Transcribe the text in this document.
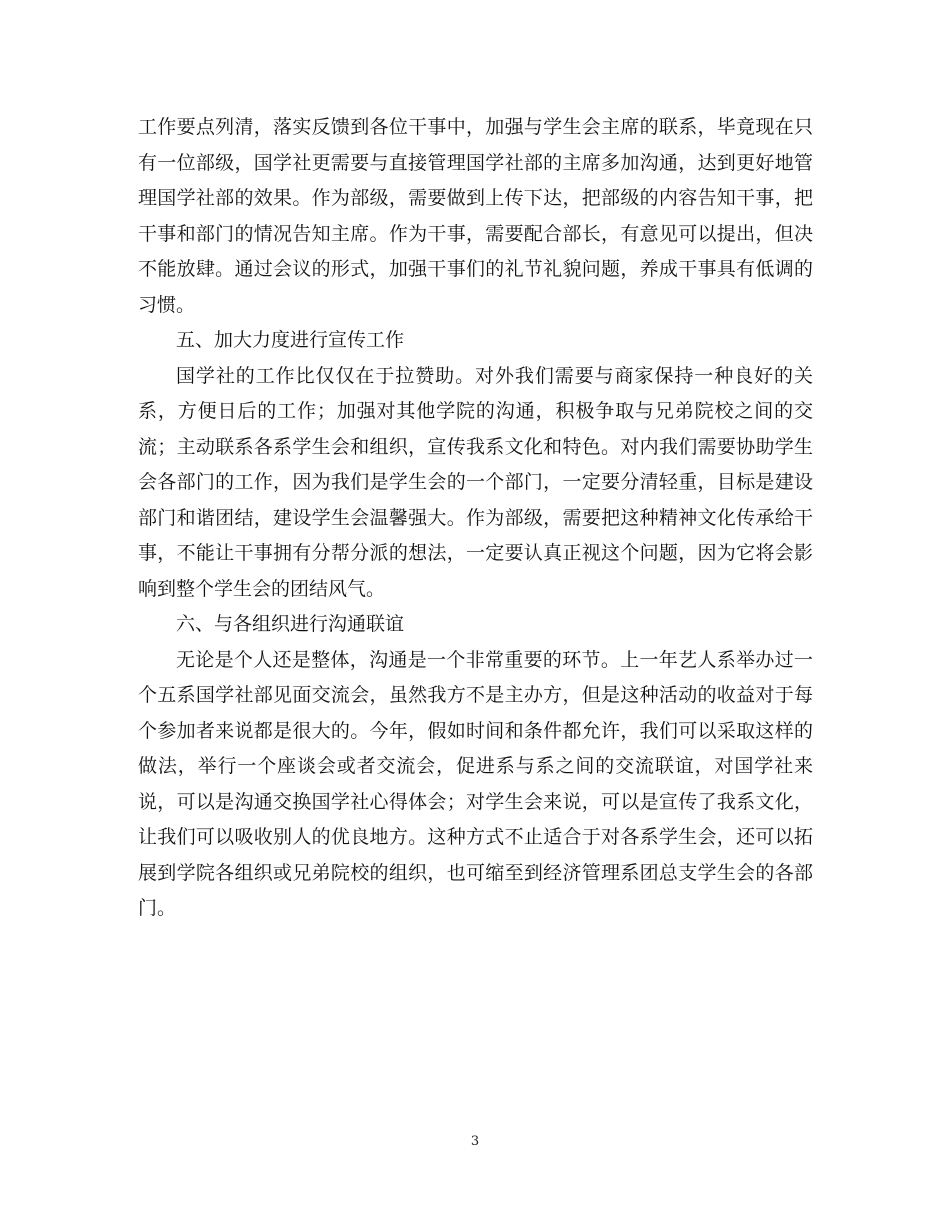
工作要点列清，落实反馈到各位干事中，加强与学生会主席的联系，毕竟现在只
有一位部级，国学社更需要与直接管理国学社部的主席多加沟通，达到更好地管
理国学社部的效果。作为部级，需要做到上传下达，把部级的内容告知干事，把
干事和部门的情况告知主席。作为干事，需要配合部长，有意见可以提出，但决
不能放肆。通过会议的形式，加强干事们的礼节礼貌问题，养成干事具有低调的
习惯。
五、加大力度进行宣传工作
国学社的工作比仅仅在于拉赞助。对外我们需要与商家保持一种良好的关
系，方便日后的工作；加强对其他学院的沟通，积极争取与兄弟院校之间的交
流；主动联系各系学生会和组织，宣传我系文化和特色。对内我们需要协助学生
会各部门的工作，因为我们是学生会的一个部门，一定要分清轻重，目标是建设
部门和谐团结，建设学生会温馨强大。作为部级，需要把这种精神文化传承给干
事，不能让干事拥有分帮分派的想法，一定要认真正视这个问题，因为它将会影
响到整个学生会的团结风气。
六、与各组织进行沟通联谊
无论是个人还是整体，沟通是一个非常重要的环节。上一年艺人系举办过一
个五系国学社部见面交流会，虽然我方不是主办方，但是这种活动的收益对于每
个参加者来说都是很大的。今年，假如时间和条件都允许，我们可以采取这样的
做法，举行一个座谈会或者交流会，促进系与系之间的交流联谊，对国学社来
说，可以是沟通交换国学社心得体会；对学生会来说，可以是宣传了我系文化，
让我们可以吸收别人的优良地方。这种方式不止适合于对各系学生会，还可以拓
展到学院各组织或兄弟院校的组织，也可缩至到经济管理系团总支学生会的各部
门。
3
